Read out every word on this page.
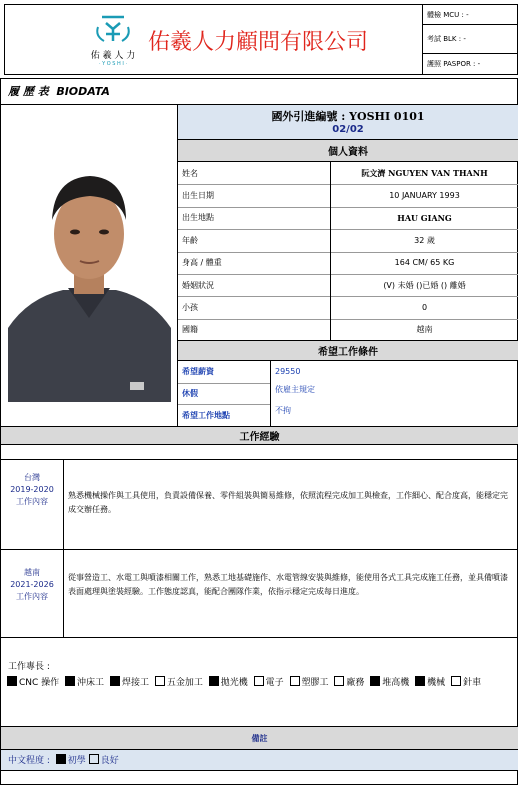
佑 羲 人 力
· Y O S H I ·
佑羲人力顧問有限公司
體檢 MCU :
-
考試 BLK :
-
護照 PASPOR :
-
履 歷 表  BIODATA
國外引進編號 : YOSHI 0101
02/02
個人資料
姓名	阮文濟 NGUYEN VAN THANH
出生日期	10 JANUARY 1993
出生地點	HAU GIANG
年齡	32 歲
身高 / 體重	164 CM/ 65 KG
婚姻狀況	(V) 未婚 ()已婚 () 離婚
小孩	0
國籍	越南
希望工作條件
希望薪資	29550
休假	依雇主規定
希望工作地點	不拘
工作經驗
台灣
2019-2020
工作內容
熟悉機械操作與工具使用，負責設備保養、零件組裝與簡易維修，依照流程完成加工與檢查，工作細心、配合度高，能穩定完成交辦任務。
越南
2021-2026
工作內容
從事營造工、水電工與噴漆相關工作，熟悉工地基礎施作、水電管線安裝與維修，能使用各式工具完成施工任務，並具備噴漆表面處理與塗裝經驗。工作態度認真，能配合團隊作業，依指示穩定完成每日進度。
工作專長 :
CNC 操作 沖床工 焊接工 五金加工 拋光機 電子 塑膠工 廠務 堆高機 機械 針車
備註
中文程度 : 初學 良好
